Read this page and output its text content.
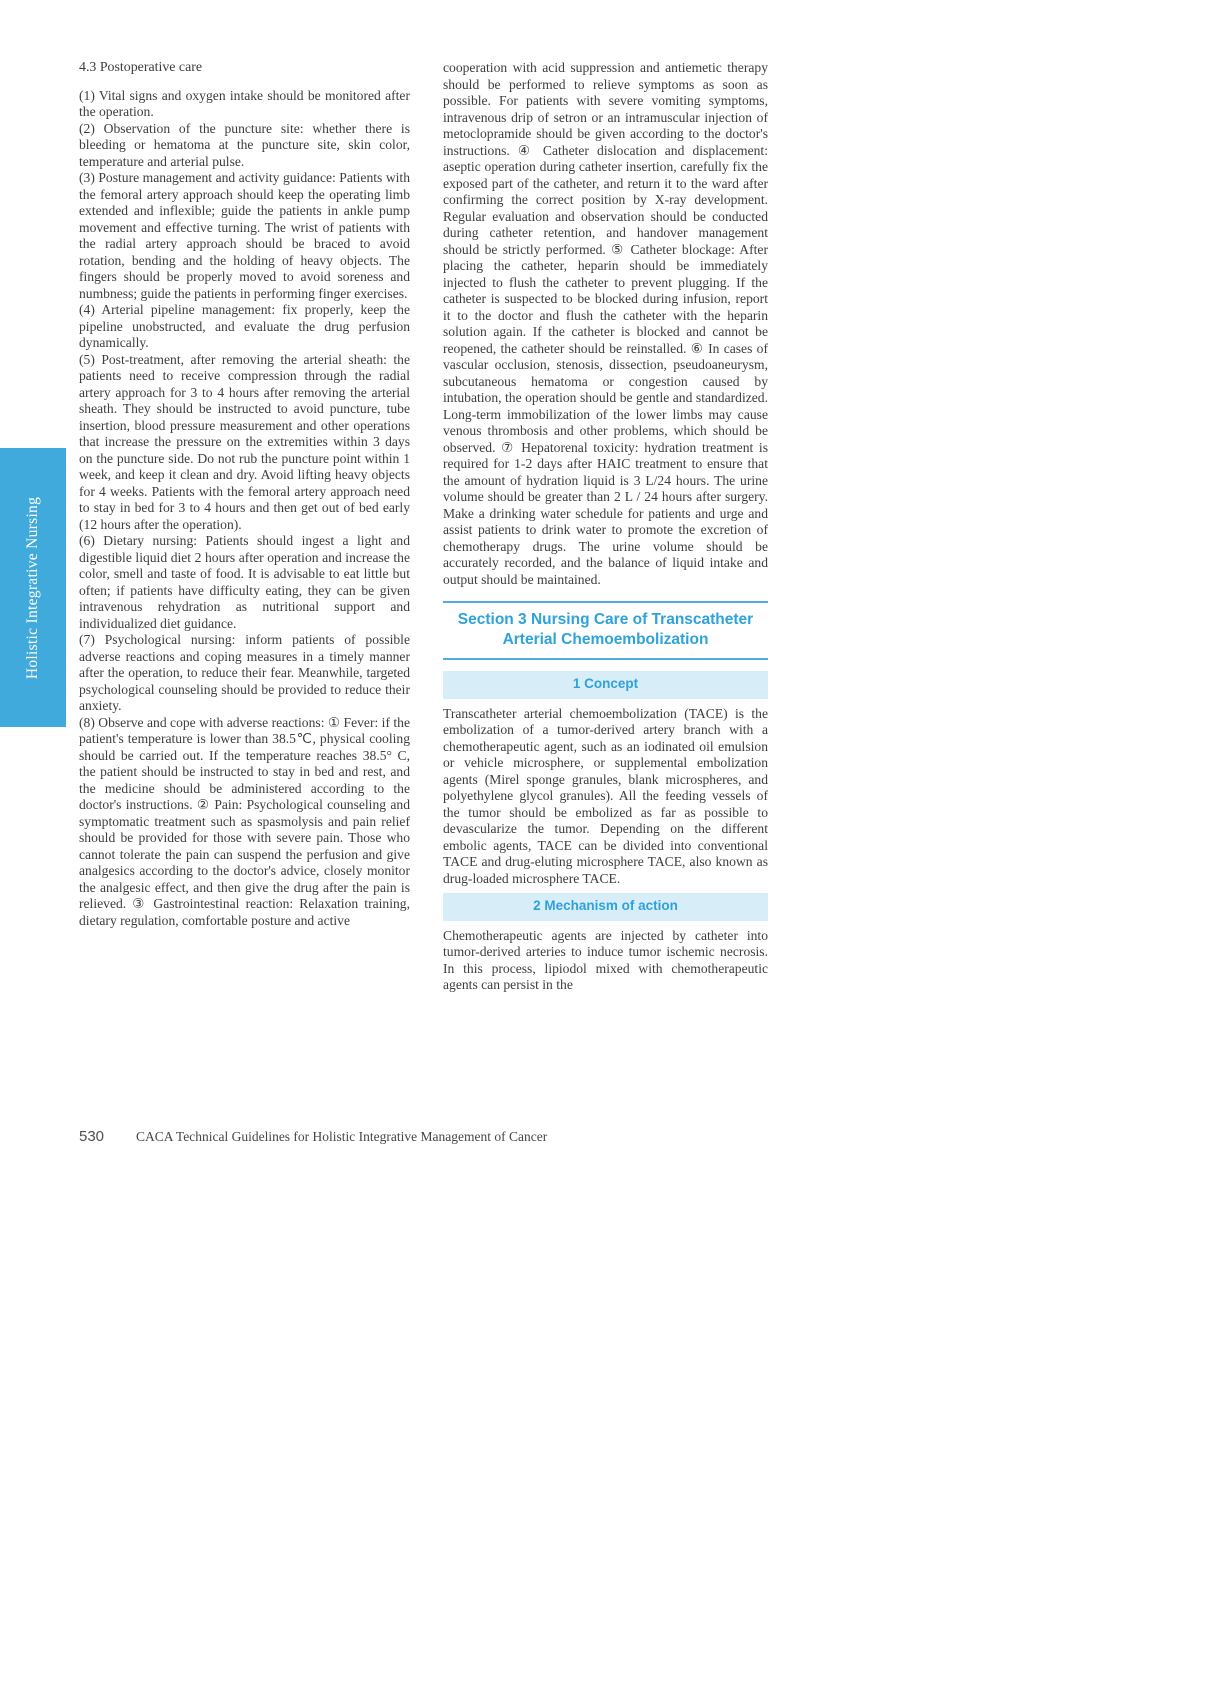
Holistic Integrative Nursing
4.3 Postoperative care

(1) Vital signs and oxygen intake should be monitored after the operation.

(2) Observation of the puncture site: whether there is bleeding or hematoma at the puncture site, skin color, temperature and arterial pulse.

(3) Posture management and activity guidance: Patients with the femoral artery approach should keep the operating limb extended and inflexible; guide the patients in ankle pump movement and effective turning. The wrist of patients with the radial artery approach should be braced to avoid rotation, bending and the holding of heavy objects. The fingers should be properly moved to avoid soreness and numbness; guide the patients in performing finger exercises.

(4) Arterial pipeline management: fix properly, keep the pipeline unobstructed, and evaluate the drug perfusion dynamically.

(5) Post-treatment, after removing the arterial sheath: the patients need to receive compression through the radial artery approach for 3 to 4 hours after removing the arterial sheath. They should be instructed to avoid puncture, tube insertion, blood pressure measurement and other operations that increase the pressure on the extremities within 3 days on the puncture side. Do not rub the puncture point within 1 week, and keep it clean and dry. Avoid lifting heavy objects for 4 weeks. Patients with the femoral artery approach need to stay in bed for 3 to 4 hours and then get out of bed early (12 hours after the operation).

(6) Dietary nursing: Patients should ingest a light and digestible liquid diet 2 hours after operation and increase the color, smell and taste of food. It is advisable to eat little but often; if patients have difficulty eating, they can be given intravenous rehydration as nutritional support and individualized diet guidance.

(7) Psychological nursing: inform patients of possible adverse reactions and coping measures in a timely manner after the operation, to reduce their fear. Meanwhile, targeted psychological counseling should be provided to reduce their anxiety.

(8) Observe and cope with adverse reactions: ① Fever: if the patient's temperature is lower than 38.5℃, physical cooling should be carried out. If the temperature reaches 38.5° C, the patient should be instructed to stay in bed and rest, and the medicine should be administered according to the doctor's instructions. ② Pain: Psychological counseling and symptomatic treatment such as spasmolysis and pain relief should be provided for those with severe pain. Those who cannot tolerate the pain can suspend the perfusion and give analgesics according to the doctor's advice, closely monitor the analgesic effect, and then give the drug after the pain is relieved. ③ Gastrointestinal reaction: Relaxation training, dietary regulation, comfortable posture and active

cooperation with acid suppression and antiemetic therapy should be performed to relieve symptoms as soon as possible. For patients with severe vomiting symptoms, intravenous drip of setron or an intramuscular injection of metoclopramide should be given according to the doctor's instructions. ④ Catheter dislocation and displacement: aseptic operation during catheter insertion, carefully fix the exposed part of the catheter, and return it to the ward after confirming the correct position by X-ray development. Regular evaluation and observation should be conducted during catheter retention, and handover management should be strictly performed. ⑤ Catheter blockage: After placing the catheter, heparin should be immediately injected to flush the catheter to prevent plugging. If the catheter is suspected to be blocked during infusion, report it to the doctor and flush the catheter with the heparin solution again. If the catheter is blocked and cannot be reopened, the catheter should be reinstalled. ⑥ In cases of vascular occlusion, stenosis, dissection, pseudoaneurysm, subcutaneous hematoma or congestion caused by intubation, the operation should be gentle and standardized. Long-term immobilization of the lower limbs may cause venous thrombosis and other problems, which should be observed. ⑦ Hepatorenal toxicity: hydration treatment is required for 1-2 days after HAIC treatment to ensure that the amount of hydration liquid is 3 L/24 hours. The urine volume should be greater than 2 L / 24 hours after surgery. Make a drinking water schedule for patients and urge and assist patients to drink water to promote the excretion of chemotherapy drugs. The urine volume should be accurately recorded, and the balance of liquid intake and output should be maintained.

Section 3 Nursing Care of Transcatheter Arterial Chemoembolization
1 Concept

Transcatheter arterial chemoembolization (TACE) is the embolization of a tumor-derived artery branch with a chemotherapeutic agent, such as an iodinated oil emulsion or vehicle microsphere, or supplemental embolization agents (Mirel sponge granules, blank microspheres, and polyethylene glycol granules). All the feeding vessels of the tumor should be embolized as far as possible to devascularize the tumor. Depending on the different embolic agents, TACE can be divided into conventional TACE and drug-eluting microsphere TACE, also known as drug-loaded microsphere TACE.

2 Mechanism of action

Chemotherapeutic agents are injected by catheter into tumor-derived arteries to induce tumor ischemic necrosis. In this process, lipiodol mixed with chemotherapeutic agents can persist in the

530 CACA Technical Guidelines for Holistic Integrative Management of Cancer
